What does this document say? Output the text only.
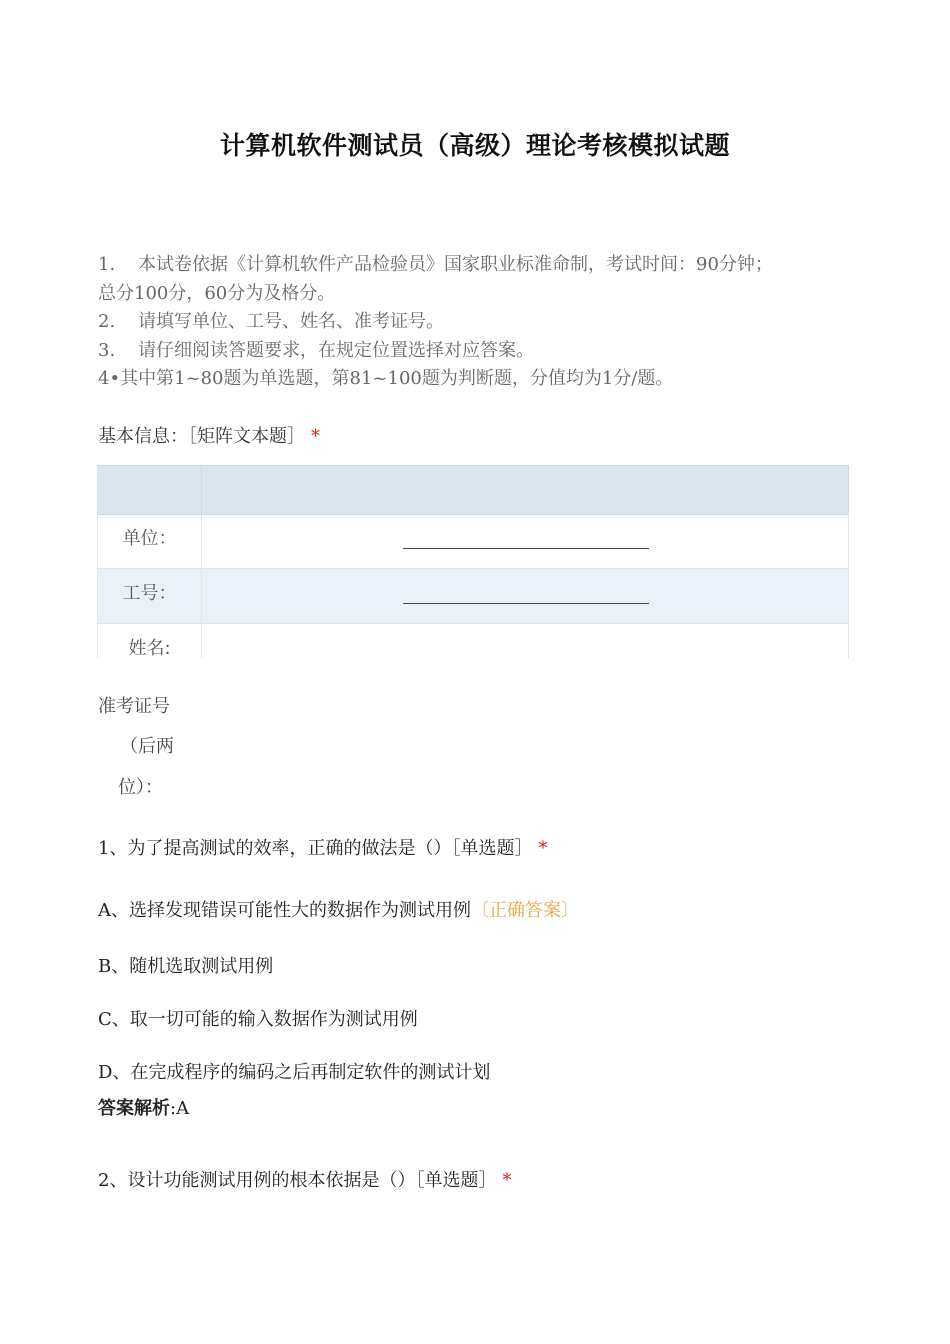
计算机软件测试员（高级）理论考核模拟试题
1. 本试卷依据《计算机软件产品检验员》国家职业标准命制，考试时间：90分钟；
总分100分，60分为及格分。
2. 请填写单位、工号、姓名、准考证号。
3. 请仔细阅读答题要求，在规定位置选择对应答案。
4•其中第1~80题为单选题，第81~100题为判断题，分值均为1分/题。
基本信息：［矩阵文本题］ *
单位：
工号：
姓名:
准考证号
（后两
位）：
1、为了提高测试的效率，正确的做法是（）［单选题］ *
A、选择发现错误可能性大的数据作为测试用例〔正确答案〕
B、随机选取测试用例
C、取一切可能的输入数据作为测试用例
D、在完成程序的编码之后再制定软件的测试计划
答案解析:A
2、设计功能测试用例的根本依据是（）［单选题］ *
